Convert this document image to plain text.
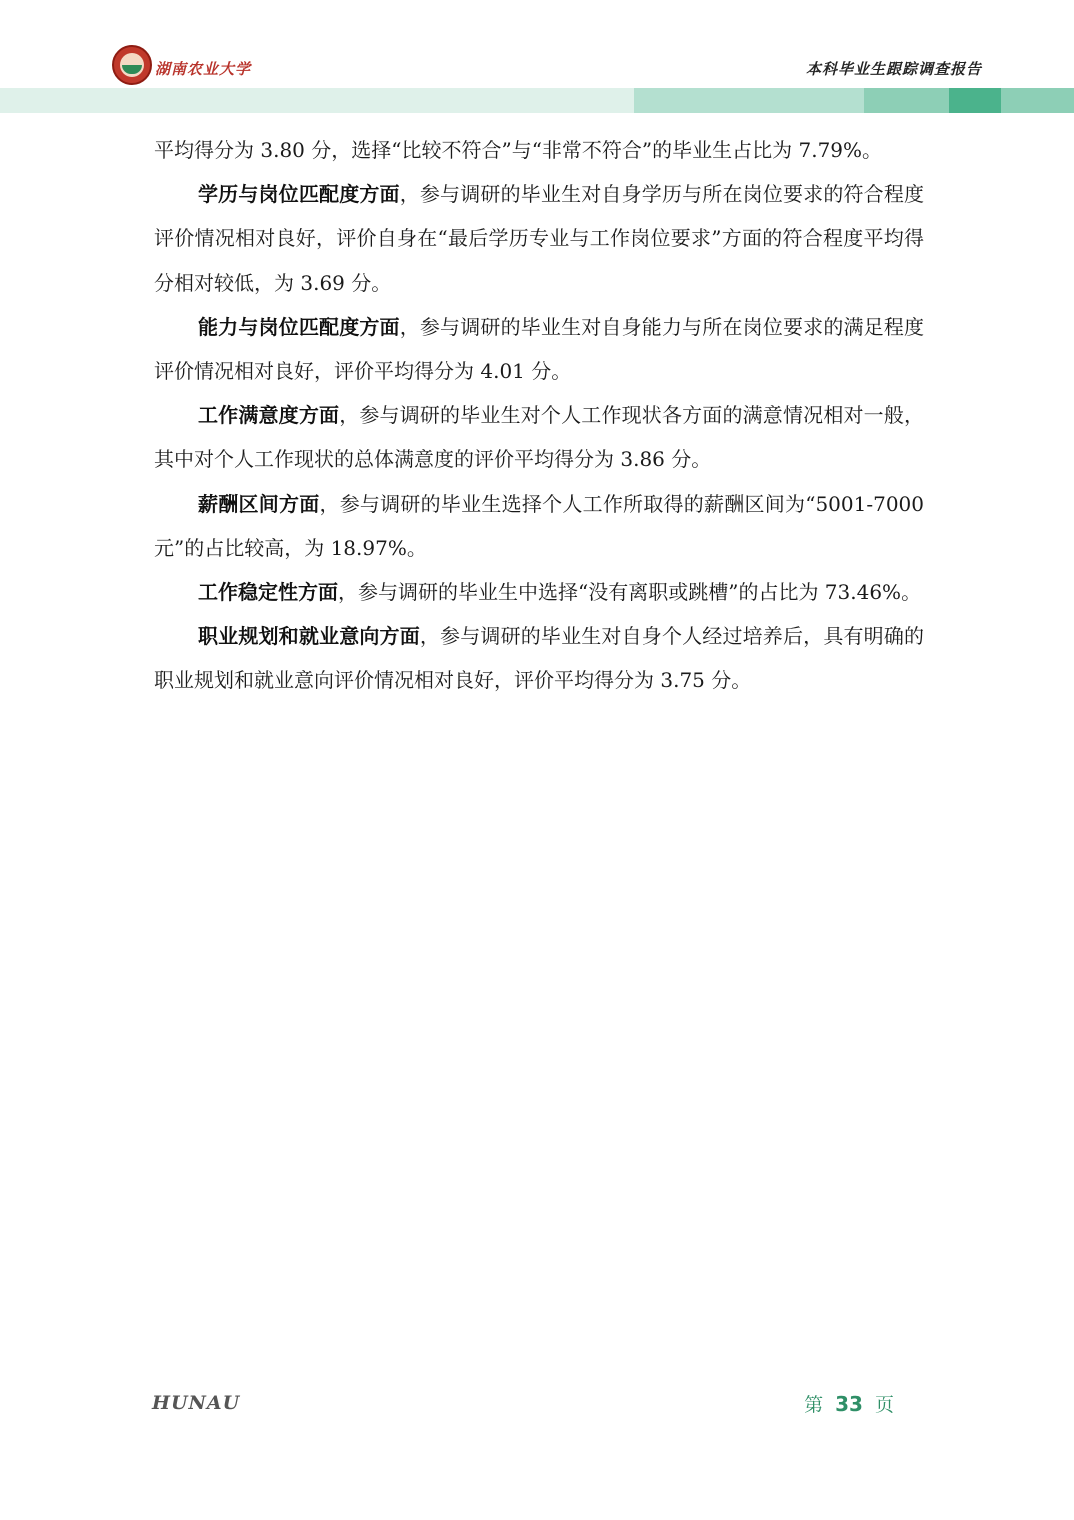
湖南农业大学	本科毕业生跟踪调查报告

平均得分为 3.80 分，选择“比较不符合”与“非常不符合”的毕业生占比为 7.79%。

学历与岗位匹配度方面，参与调研的毕业生对自身学历与所在岗位要求的符合程度评价情况相对良好，评价自身在“最后学历专业与工作岗位要求”方面的符合程度平均得分相对较低，为 3.69 分。

能力与岗位匹配度方面，参与调研的毕业生对自身能力与所在岗位要求的满足程度评价情况相对良好，评价平均得分为 4.01 分。

工作满意度方面，参与调研的毕业生对个人工作现状各方面的满意情况相对一般，其中对个人工作现状的总体满意度的评价平均得分为 3.86 分。

薪酬区间方面，参与调研的毕业生选择个人工作所取得的薪酬区间为“5001-7000 元”的占比较高，为 18.97%。

工作稳定性方面，参与调研的毕业生中选择“没有离职或跳槽”的占比为 73.46%。

职业规划和就业意向方面，参与调研的毕业生对自身个人经过培养后，具有明确的职业规划和就业意向评价情况相对良好，评价平均得分为 3.75 分。

HUNAU	第 33 页
